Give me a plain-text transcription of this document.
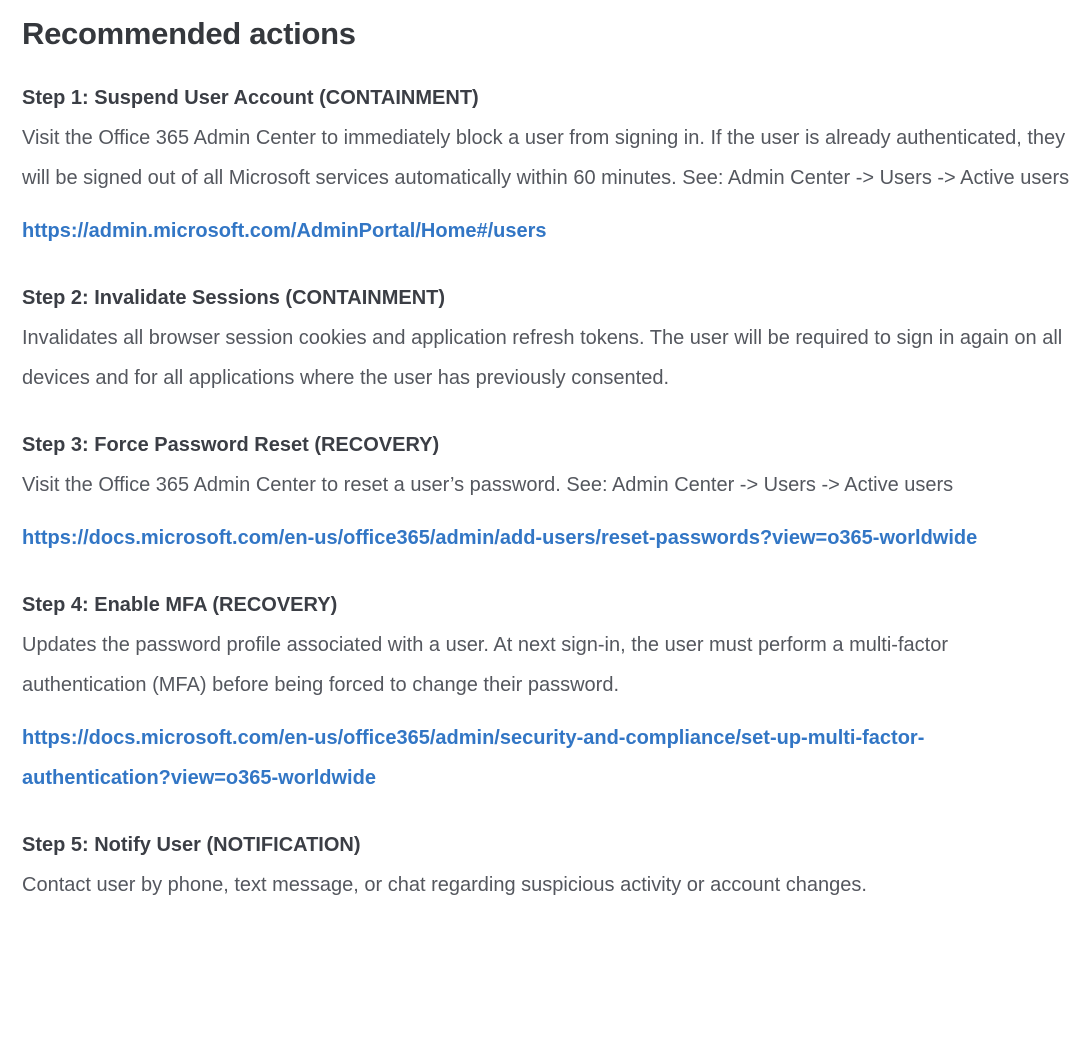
Recommended actions
Step 1: Suspend User Account (CONTAINMENT)

Visit the Office 365 Admin Center to immediately block a user from signing in. If the user is already authenticated, they will be signed out of all Microsoft services automatically within 60 minutes. See: Admin Center -> Users -> Active users

https://admin.microsoft.com/AdminPortal/Home#/users
Step 2: Invalidate Sessions (CONTAINMENT)

Invalidates all browser session cookies and application refresh tokens. The user will be required to sign in again on all devices and for all applications where the user has previously consented.

Step 3: Force Password Reset (RECOVERY)

Visit the Office 365 Admin Center to reset a user’s password. See: Admin Center -> Users -> Active users

https://docs.microsoft.com/en-us/office365/admin/add-users/reset-passwords?view=o365-worldwide
Step 4: Enable MFA (RECOVERY)

Updates the password profile associated with a user. At next sign-in, the user must perform a multi-factor authentication (MFA) before being forced to change their password.

https://docs.microsoft.com/en-us/office365/admin/security-and-compliance/set-up-multi-factor-authentication?view=o365-worldwide
Step 5: Notify User (NOTIFICATION)

Contact user by phone, text message, or chat regarding suspicious activity or account changes.
